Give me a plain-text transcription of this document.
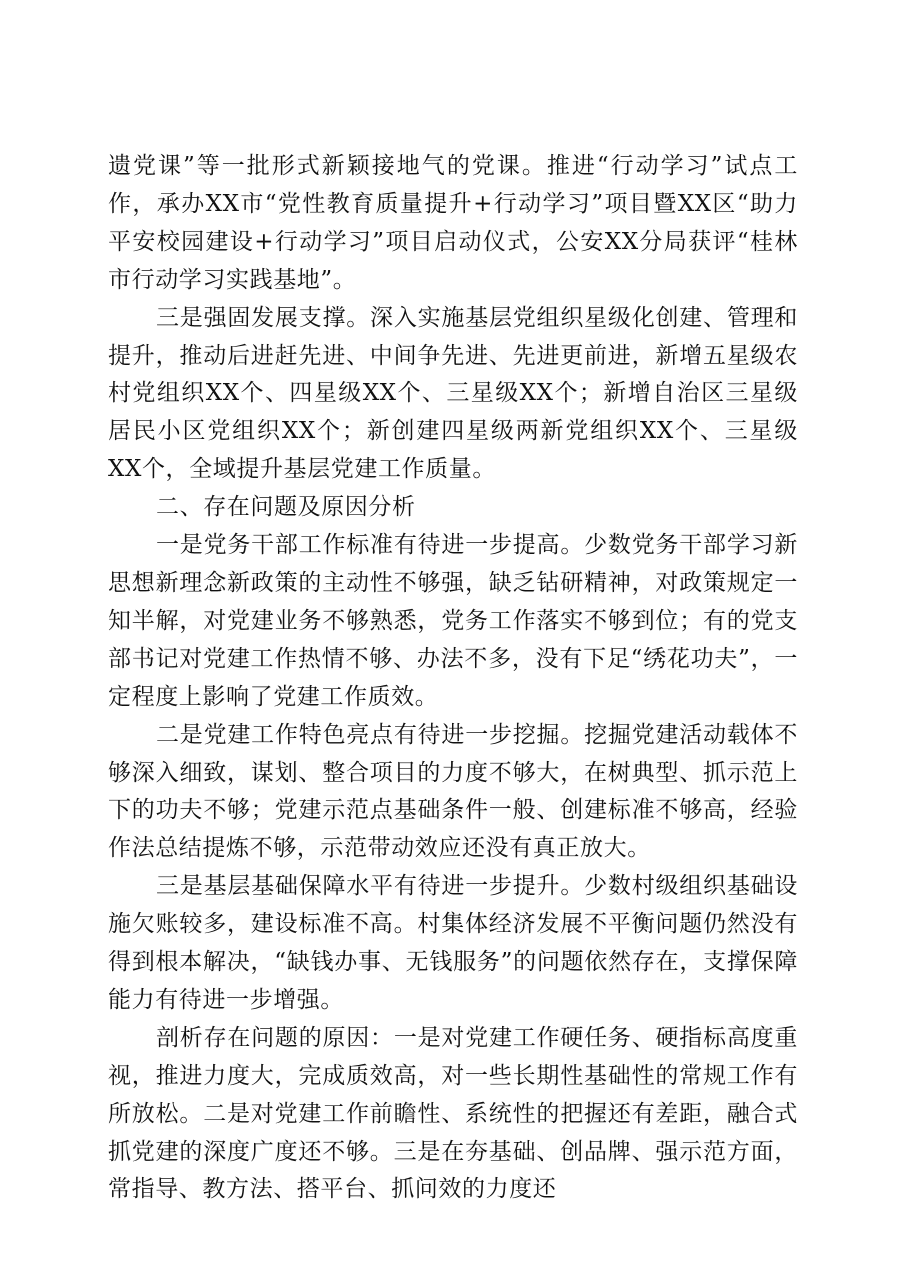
遗党课”等一批形式新颖接地气的党课。推进“行动学习”试点工作，承办XX市“党性教育质量提升+行动学习”项目暨XX区“助力平安校园建设+行动学习”项目启动仪式，公安XX分局获评“桂林市行动学习实践基地”。

三是强固发展支撑。深入实施基层党组织星级化创建、管理和提升，推动后进赶先进、中间争先进、先进更前进，新增五星级农村党组织XX个、四星级XX个、三星级XX个；新增自治区三星级居民小区党组织XX个；新创建四星级两新党组织XX个、三星级XX个，全域提升基层党建工作质量。

二、存在问题及原因分析

一是党务干部工作标准有待进一步提高。少数党务干部学习新思想新理念新政策的主动性不够强，缺乏钻研精神，对政策规定一知半解，对党建业务不够熟悉，党务工作落实不够到位；有的党支部书记对党建工作热情不够、办法不多，没有下足“绣花功夫”，一定程度上影响了党建工作质效。

二是党建工作特色亮点有待进一步挖掘。挖掘党建活动载体不够深入细致，谋划、整合项目的力度不够大，在树典型、抓示范上下的功夫不够；党建示范点基础条件一般、创建标准不够高，经验作法总结提炼不够，示范带动效应还没有真正放大。

三是基层基础保障水平有待进一步提升。少数村级组织基础设施欠账较多，建设标准不高。村集体经济发展不平衡问题仍然没有得到根本解决，“缺钱办事、无钱服务”的问题依然存在，支撑保障能力有待进一步增强。

剖析存在问题的原因：一是对党建工作硬任务、硬指标高度重视，推进力度大，完成质效高，对一些长期性基础性的常规工作有所放松。二是对党建工作前瞻性、系统性的把握还有差距，融合式抓党建的深度广度还不够。三是在夯基础、创品牌、强示范方面，常指导、教方法、搭平台、抓问效的力度还
